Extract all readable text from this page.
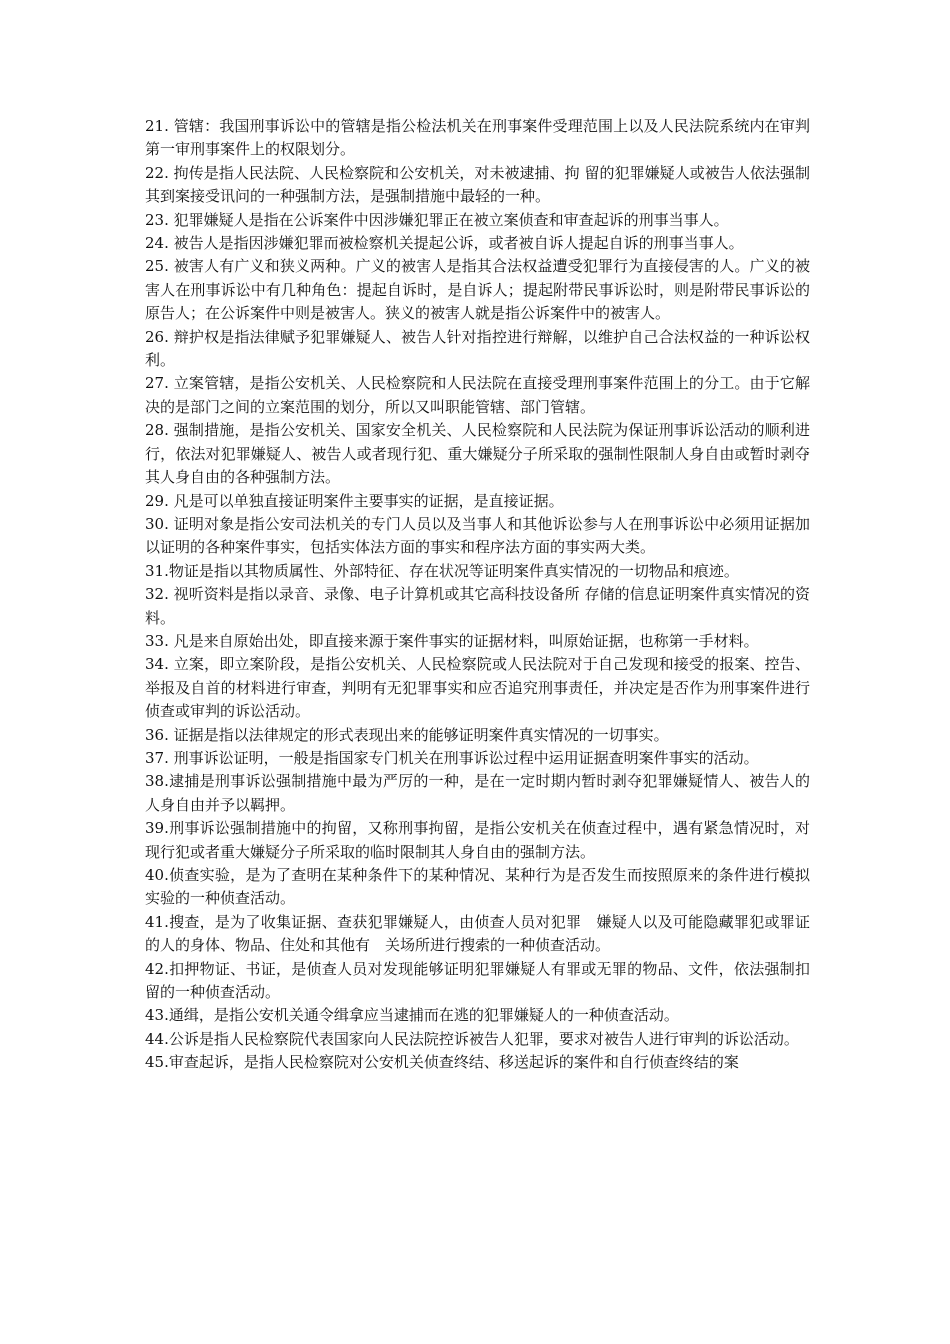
21. 管辖：我国刑事诉讼中的管辖是指公检法机关在刑事案件受理范围上以及人民法院系统内在审判第一审刑事案件上的权限划分。

22. 拘传是指人民法院、人民检察院和公安机关，对未被逮捕、拘 留的犯罪嫌疑人或被告人依法强制其到案接受讯问的一种强制方法，是强制措施中最轻的一种。

23. 犯罪嫌疑人是指在公诉案件中因涉嫌犯罪正在被立案侦查和审查起诉的刑事当事人。

24. 被告人是指因涉嫌犯罪而被检察机关提起公诉，或者被自诉人提起自诉的刑事当事人。

25. 被害人有广义和狭义两种。广义的被害人是指其合法权益遭受犯罪行为直接侵害的人。广义的被害人在刑事诉讼中有几种角色：提起自诉时，是自诉人；提起附带民事诉讼时，则是附带民事诉讼的原告人；在公诉案件中则是被害人。狭义的被害人就是指公诉案件中的被害人。

26. 辩护权是指法律赋予犯罪嫌疑人、被告人针对指控进行辩解，以维护自己合法权益的一种诉讼权利。

27. 立案管辖，是指公安机关、人民检察院和人民法院在直接受理刑事案件范围上的分工。由于它解决的是部门之间的立案范围的划分，所以又叫职能管辖、部门管辖。

28. 强制措施，是指公安机关、国家安全机关、人民检察院和人民法院为保证刑事诉讼活动的顺利进行，依法对犯罪嫌疑人、被告人或者现行犯、重大嫌疑分子所采取的强制性限制人身自由或暂时剥夺其人身自由的各种强制方法。

29. 凡是可以单独直接证明案件主要事实的证据，是直接证据。

30. 证明对象是指公安司法机关的专门人员以及当事人和其他诉讼参与人在刑事诉讼中必须用证据加以证明的各种案件事实，包括实体法方面的事实和程序法方面的事实两大类。

31.物证是指以其物质属性、外部特征、存在状况等证明案件真实情况的一切物品和痕迹。

32. 视听资料是指以录音、录像、电子计算机或其它高科技设备所 存储的信息证明案件真实情况的资料。

33. 凡是来自原始出处，即直接来源于案件事实的证据材料，叫原始证据，也称第一手材料。

34. 立案，即立案阶段，是指公安机关、人民检察院或人民法院对于自己发现和接受的报案、控告、举报及自首的材料进行审查，判明有无犯罪事实和应否追究刑事责任，并决定是否作为刑事案件进行侦查或审判的诉讼活动。

36. 证据是指以法律规定的形式表现出来的能够证明案件真实情况的一切事实。

37. 刑事诉讼证明，一般是指国家专门机关在刑事诉讼过程中运用证据查明案件事实的活动。

38.逮捕是刑事诉讼强制措施中最为严厉的一种，是在一定时期内暂时剥夺犯罪嫌疑情人、被告人的人身自由并予以羁押。

39.刑事诉讼强制措施中的拘留，又称刑事拘留，是指公安机关在侦查过程中，遇有紧急情况时，对现行犯或者重大嫌疑分子所采取的临时限制其人身自由的强制方法。

40.侦查实验，是为了查明在某种条件下的某种情况、某种行为是否发生而按照原来的条件进行模拟实验的一种侦查活动。

41.搜查，是为了收集证据、查获犯罪嫌疑人，由侦查人员对犯罪　嫌疑人以及可能隐藏罪犯或罪证的人的身体、物品、住处和其他有　关场所进行搜索的一种侦查活动。

42.扣押物证、书证，是侦查人员对发现能够证明犯罪嫌疑人有罪或无罪的物品、文件，依法强制扣留的一种侦查活动。

43.通缉，是指公安机关通令缉拿应当逮捕而在逃的犯罪嫌疑人的一种侦查活动。

44.公诉是指人民检察院代表国家向人民法院控诉被告人犯罪，要求对被告人进行审判的诉讼活动。

45.审查起诉，是指人民检察院对公安机关侦查终结、移送起诉的案件和自行侦查终结的案
